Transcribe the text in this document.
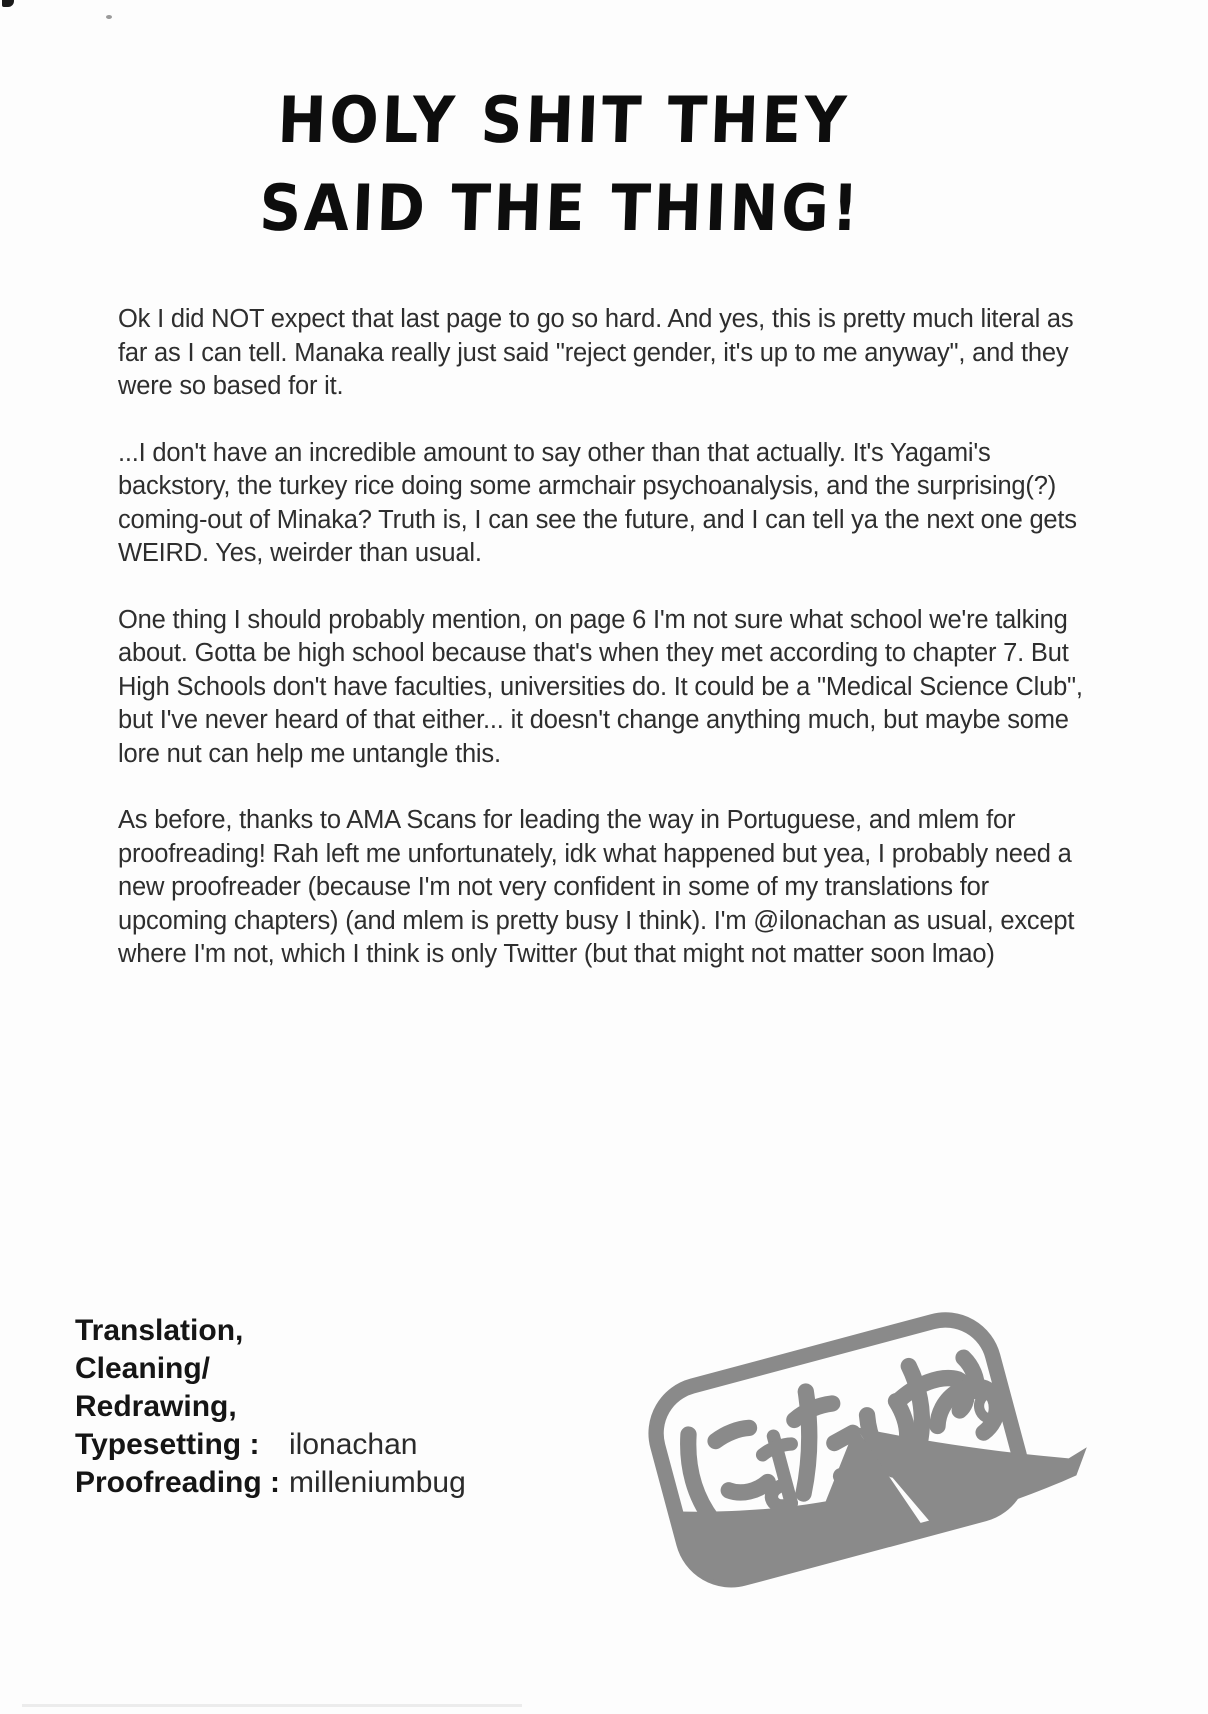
HOLY SHIT THEY
SAID THE THING!

Ok I did NOT expect that last page to go so hard. And yes, this is pretty much literal as far as I can tell. Manaka really just said "reject gender, it's up to me anyway", and they were so based for it.

...I don't have an incredible amount to say other than that actually. It's Yagami's backstory, the turkey rice doing some armchair psychoanalysis, and the surprising(?) coming-out of Minaka? Truth is, I can see the future, and I can tell ya the next one gets WEIRD. Yes, weirder than usual.

One thing I should probably mention, on page 6 I'm not sure what school we're talking about. Gotta be high school because that's when they met according to chapter 7. But High Schools don't have faculties, universities do. It could be a "Medical Science Club", but I've never heard of that either... it doesn't change anything much, but maybe some lore nut can help me untangle this.

As before, thanks to AMA Scans for leading the way in Portuguese, and mlem for proofreading! Rah left me unfortunately, idk what happened but yea, I probably need a new proofreader (because I'm not very confident in some of my translations for upcoming chapters) (and mlem is pretty busy I think). I'm @ilonachan as usual, except where I'm not, which I think is only Twitter (but that might not matter soon lmao)

Translation,
Cleaning/
Redrawing,
Typesetting : ilonachan
Proofreading : milleniumbug
